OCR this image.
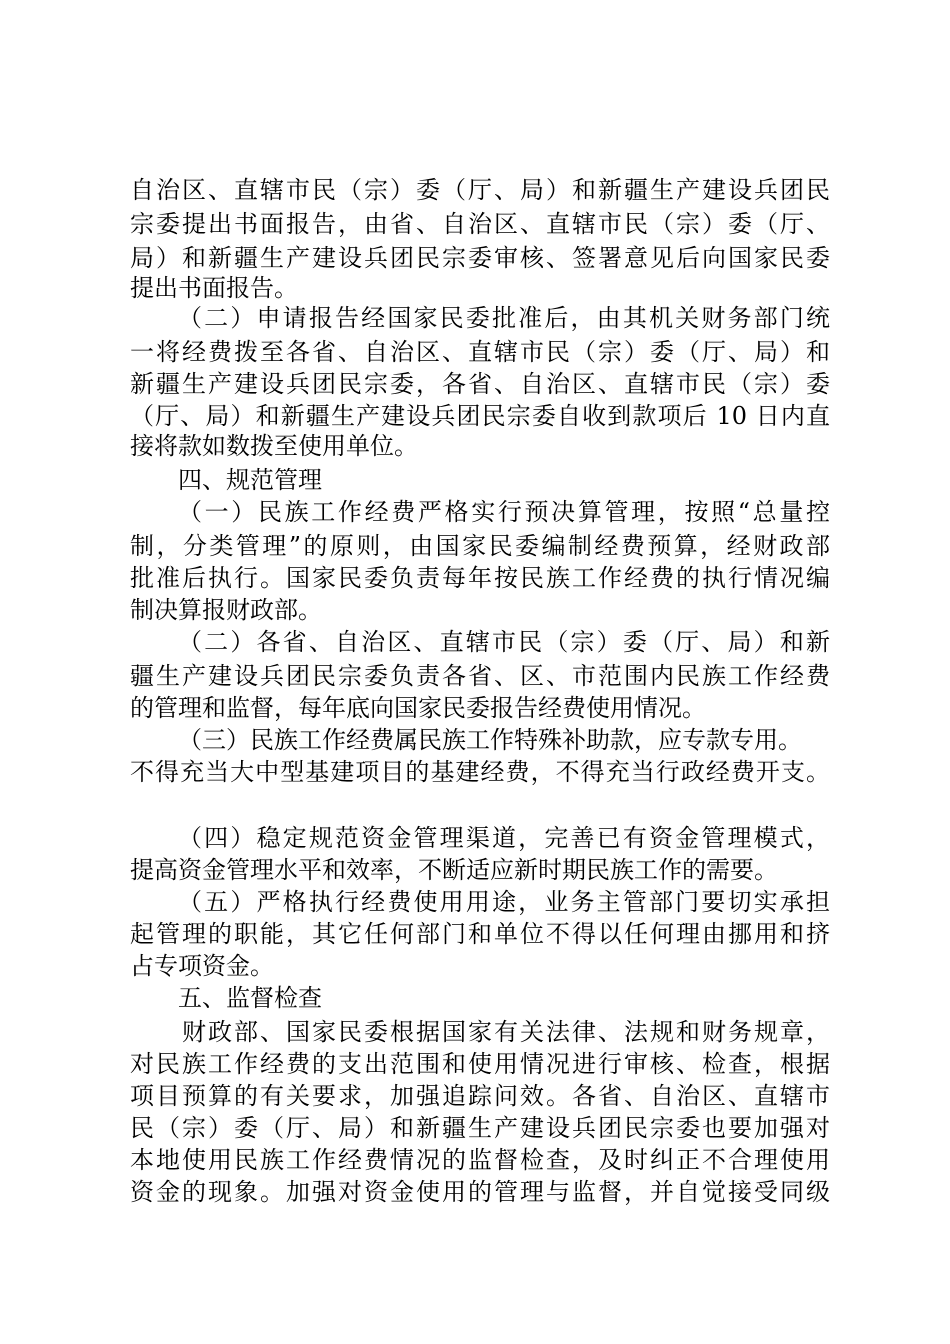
自治区、直辖市民（宗）委（厅、局）和新疆生产建设兵团民
宗委提出书面报告，由省、自治区、直辖市民（宗）委（厅、
局）和新疆生产建设兵团民宗委审核、签署意见后向国家民委
提出书面报告。
（二）申请报告经国家民委批准后，由其机关财务部门统
一将经费拨至各省、自治区、直辖市民（宗）委（厅、局）和
新疆生产建设兵团民宗委，各省、自治区、直辖市民（宗）委
（厅、局）和新疆生产建设兵团民宗委自收到款项后 10 日内直
接将款如数拨至使用单位。
四、规范管理
（一）民族工作经费严格实行预决算管理，按照“总量控
制，分类管理”的原则，由国家民委编制经费预算，经财政部
批准后执行。国家民委负责每年按民族工作经费的执行情况编
制决算报财政部。
（二）各省、自治区、直辖市民（宗）委（厅、局）和新
疆生产建设兵团民宗委负责各省、区、市范围内民族工作经费
的管理和监督，每年底向国家民委报告经费使用情况。
（三）民族工作经费属民族工作特殊补助款，应专款专用。
不得充当大中型基建项目的基建经费，不得充当行政经费开支。
（四）稳定规范资金管理渠道，完善已有资金管理模式，
提高资金管理水平和效率，不断适应新时期民族工作的需要。
（五）严格执行经费使用用途，业务主管部门要切实承担
起管理的职能，其它任何部门和单位不得以任何理由挪用和挤
占专项资金。
五、监督检查
财政部、国家民委根据国家有关法律、法规和财务规章，
对民族工作经费的支出范围和使用情况进行审核、检查，根据
项目预算的有关要求，加强追踪问效。各省、自治区、直辖市
民（宗）委（厅、局）和新疆生产建设兵团民宗委也要加强对
本地使用民族工作经费情况的监督检查，及时纠正不合理使用
资金的现象。加强对资金使用的管理与监督，并自觉接受同级
